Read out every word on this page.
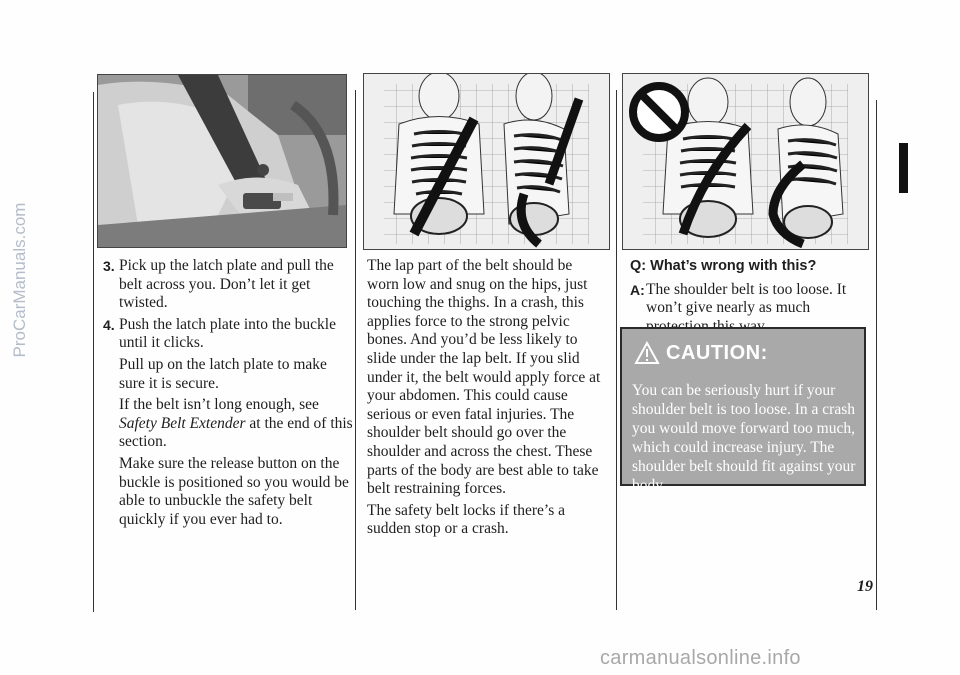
3. Pick up the latch plate and pull the belt across you. Don’t let it get twisted.
4. Push the latch plate into the buckle until it clicks.

Pull up on the latch plate to make sure it is secure.

If the belt isn’t long enough, see Safety Belt Extender at the end of this section.

Make sure the release button on the buckle is positioned so you would be able to unbuckle the safety belt quickly if you ever had to.

The lap part of the belt should be worn low and snug on the hips, just touching the thighs. In a crash, this applies force to the strong pelvic bones. And you’d be less likely to slide under the lap belt. If you slid under it, the belt would apply force at your abdomen. This could cause serious or even fatal injuries. The shoulder belt should go over the shoulder and across the chest. These parts of the body are best able to take belt restraining forces.

The safety belt locks if there’s a sudden stop or a crash.

Q: What’s wrong with this?
A: The shoulder belt is too loose. It won’t give nearly as much
CAUTION:
You can be seriously hurt if your shoulder belt is too loose. In a crash you would move forward too much, which could increase injury. The shoulder belt should fit against your body.
19
ProCarManuals.com
carmanualsonline.info
